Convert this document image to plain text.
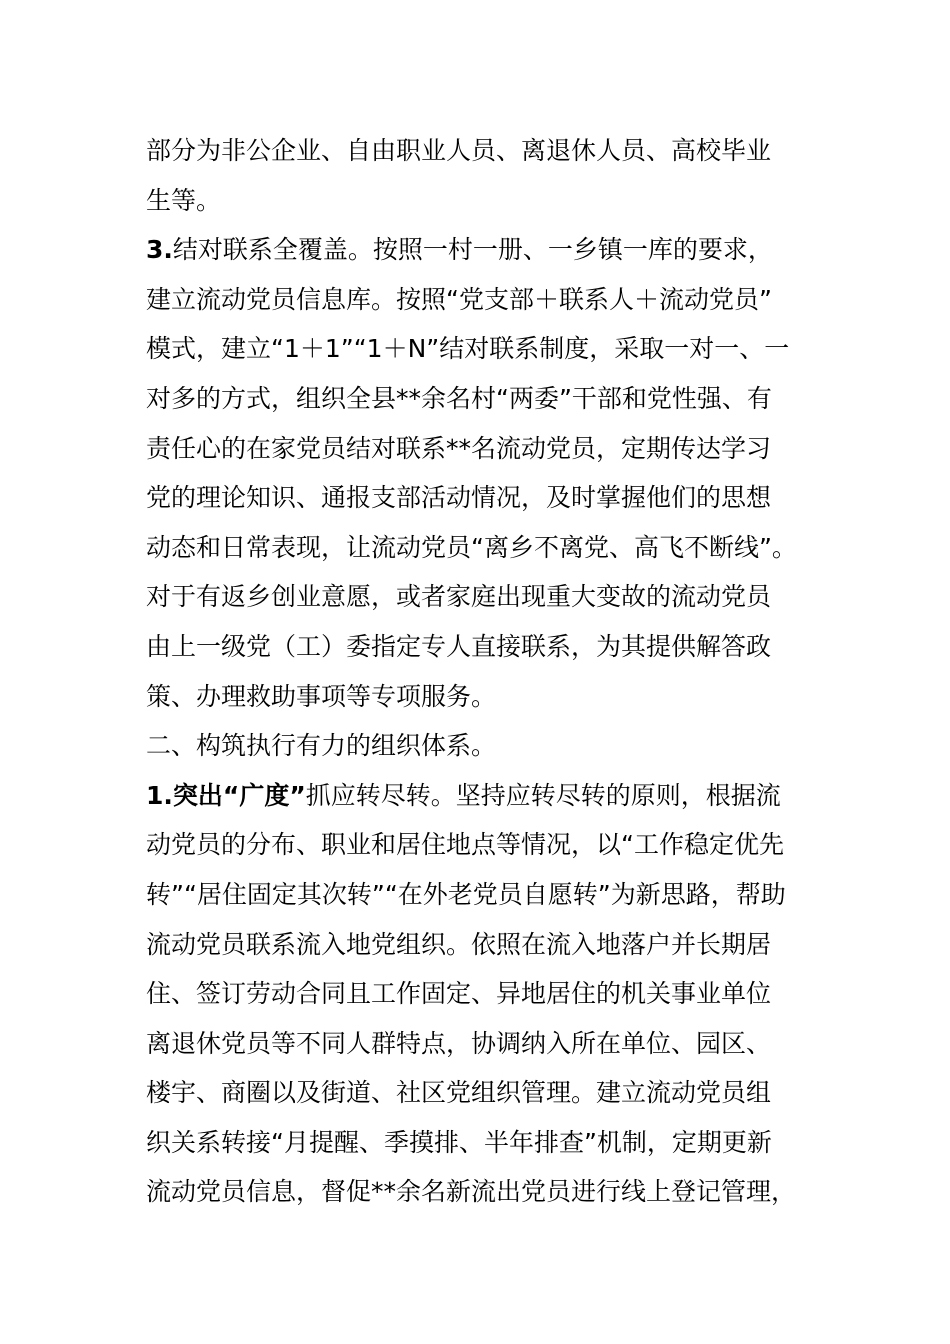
部分为非公企业、自由职业人员、离退休人员、高校毕业
生等。
3.结对联系全覆盖。按照一村一册、一乡镇一库的要求，
建立流动党员信息库。按照“党支部＋联系人＋流动党员”
模式，建立“1＋1”“1＋N”结对联系制度，采取一对一、一
对多的方式，组织全县**余名村“两委”干部和党性强、有
责任心的在家党员结对联系**名流动党员，定期传达学习
党的理论知识、通报支部活动情况，及时掌握他们的思想
动态和日常表现，让流动党员“离乡不离党、高飞不断线”。
对于有返乡创业意愿，或者家庭出现重大变故的流动党员
由上一级党（工）委指定专人直接联系，为其提供解答政
策、办理救助事项等专项服务。
二、构筑执行有力的组织体系。
1.突出“广度”抓应转尽转。坚持应转尽转的原则，根据流
动党员的分布、职业和居住地点等情况，以“工作稳定优先
转”“居住固定其次转”“在外老党员自愿转”为新思路，帮助
流动党员联系流入地党组织。依照在流入地落户并长期居
住、签订劳动合同且工作固定、异地居住的机关事业单位
离退休党员等不同人群特点，协调纳入所在单位、园区、
楼宇、商圈以及街道、社区党组织管理。建立流动党员组
织关系转接“月提醒、季摸排、半年排查”机制，定期更新
流动党员信息，督促**余名新流出党员进行线上登记管理，
